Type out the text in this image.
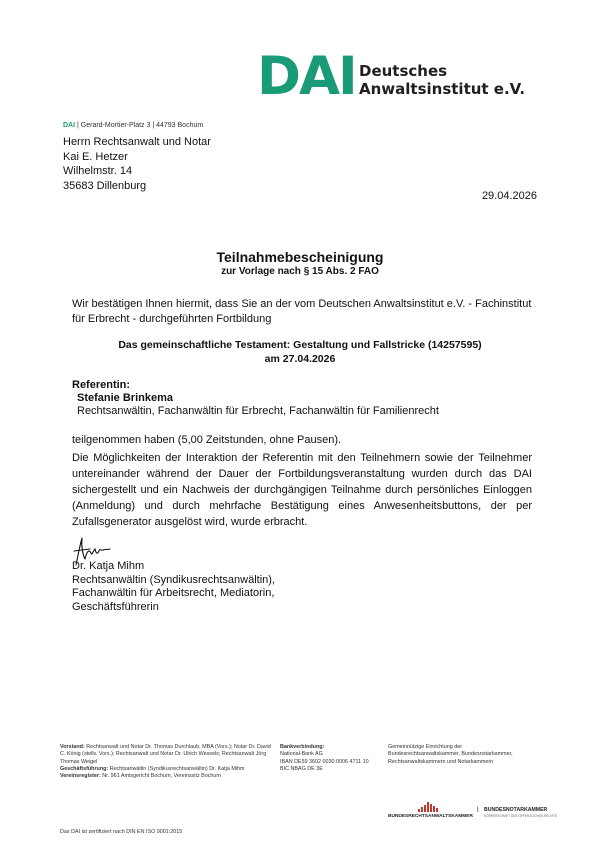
DAI Deutsches
Anwaltsinstitut e.V.
DAI | Gerard-Mortier-Platz 3 | 44793 Bochum
Herrn Rechtsanwalt und Notar
Kai E. Hetzer
Wilhelmstr. 14
35683 Dillenburg
29.04.2026
Teilnahmebescheinigung
zur Vorlage nach § 15 Abs. 2 FAO
Wir bestätigen Ihnen hiermit, dass Sie an der vom Deutschen Anwaltsinstitut e.V. - Fachinstitut für Erbrecht - durchgeführten Fortbildung
Das gemeinschaftliche Testament: Gestaltung und Fallstricke (14257595)
am 27.04.2026
Referentin:
Stefanie Brinkema
Rechtsanwältin, Fachanwältin für Erbrecht, Fachanwältin für Familienrecht
teilgenommen haben (5,00 Zeitstunden, ohne Pausen).
Die Möglichkeiten der Interaktion der Referentin mit den Teilnehmern sowie der Teilnehmer untereinander während der Dauer der Fortbildungsveranstaltung wurden durch das DAI sichergestellt und ein Nachweis der durchgängigen Teilnahme durch persönliches Einloggen (Anmeldung) und durch mehrfache Bestätigung eines Anwesenheitsbuttons, der per Zufallsgenerator ausgelöst wird, wurde erbracht.
Dr. Katja Mihm
Rechtsanwältin (Syndikusrechtsanwältin),
Fachanwältin für Arbeitsrecht, Mediatorin,
Geschäftsführerin
Vorstand: Rechtsanwalt und Notar Dr. Thomas Durchlaub, MBA (Vors.); Notar Dr. David C. König (stellv. Vors.); Rechtsanwalt und Notar Dr. Ulrich Wessels; Rechtsanwalt Jörg Thomas Weigel
Geschäftsführung: Rechtsanwältin (Syndikusrechtsanwältin) Dr. Katja Mihm
Vereinsregister: Nr. 961 Amtsgericht Bochum, Vereinssitz Bochum
Bankverbindung:
National-Bank AG
IBAN DE59 3602 0030 0006 4711 10
BIC NBAG DE 3E
Gemeinnützige Einrichtung der
Bundesrechtsanwaltskammer, Bundesnotarkammer,
Rechtsanwaltskammern und Notarkammern
BUNDESRECHTSANWALTSKAMMER
⌇ BUNDESNOTARKAMMER
KÖRPERSCHAFT DES ÖFFENTLICHEN RECHTS
Das DAI ist zertifiziert nach DIN EN ISO 9001:2015
